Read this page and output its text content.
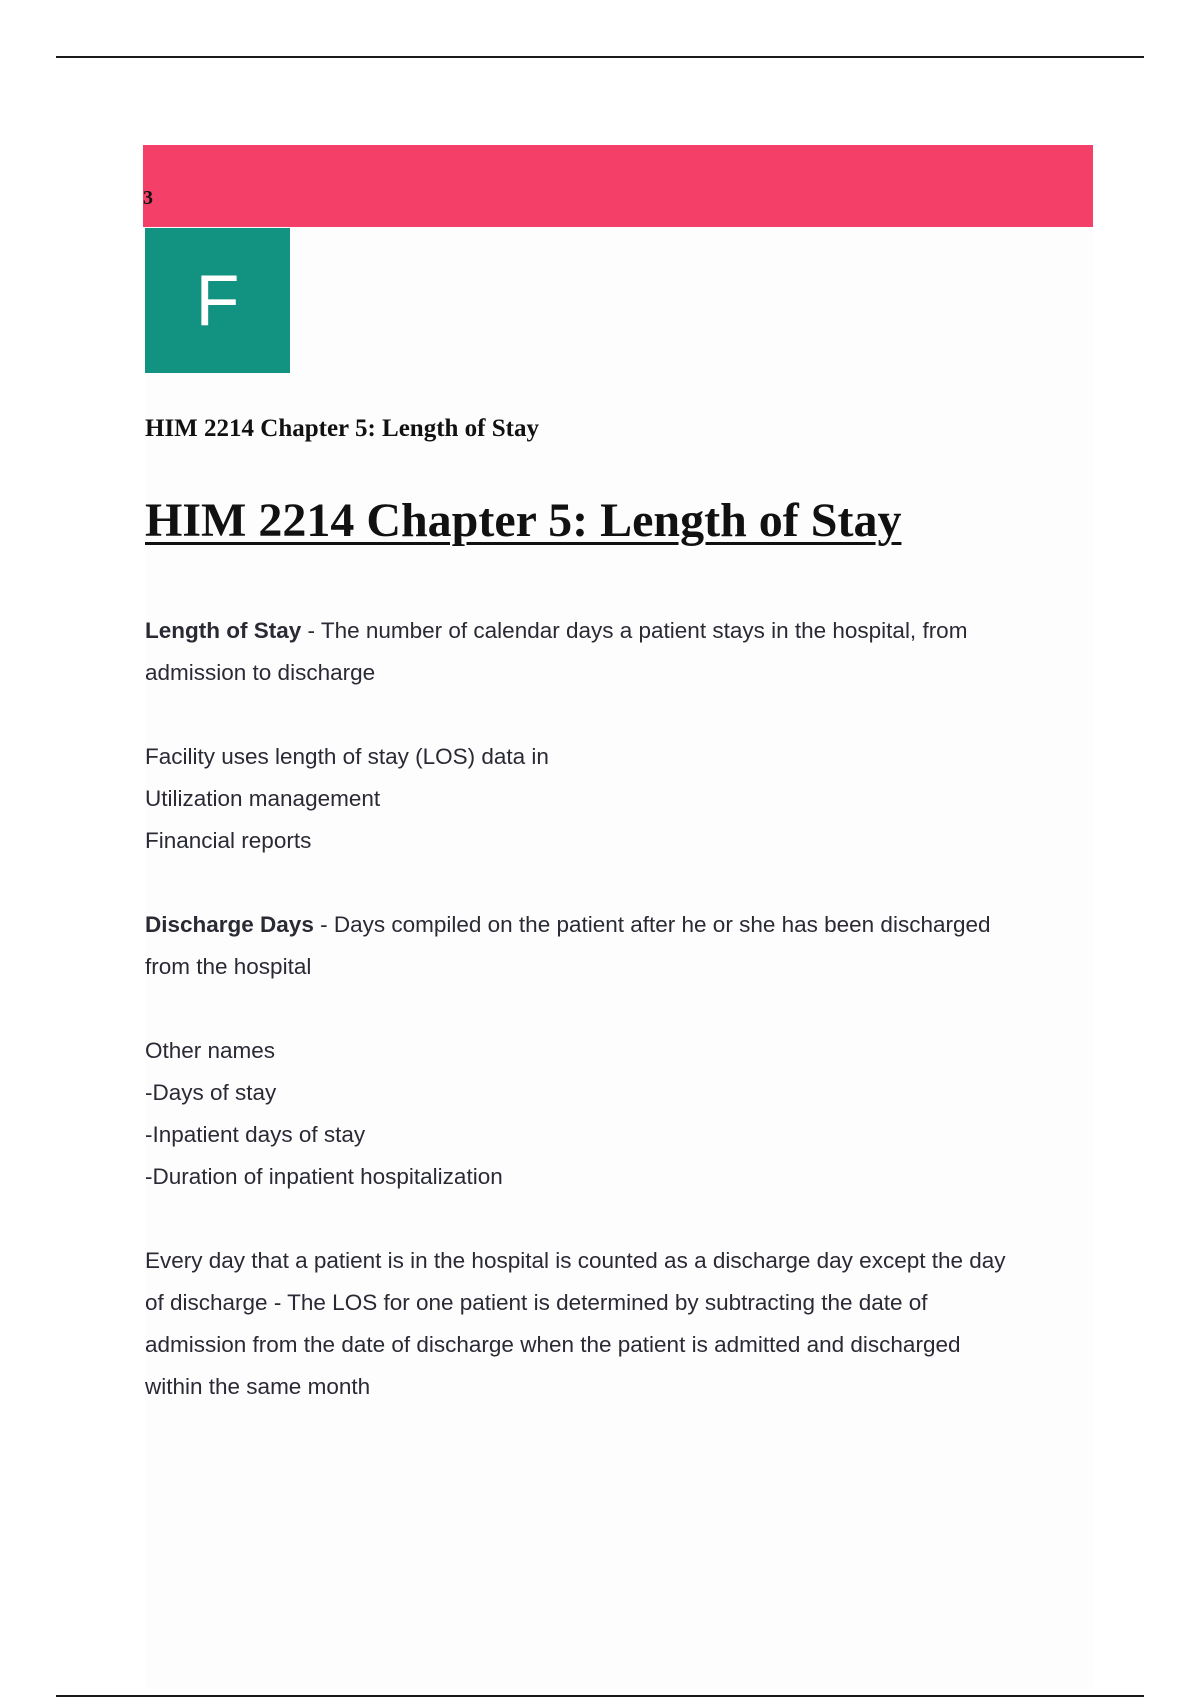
3
F
HIM 2214 Chapter 5: Length of Stay
HIM 2214 Chapter 5: Length of Stay

Length of Stay - The number of calendar days a patient stays in the hospital, from

admission to discharge

Facility uses length of stay (LOS) data in

Utilization management

Financial reports

Discharge Days - Days compiled on the patient after he or she has been discharged

from the hospital

Other names

-Days of stay

-Inpatient days of stay

-Duration of inpatient hospitalization

Every day that a patient is in the hospital is counted as a discharge day except the day

of discharge - The LOS for one patient is determined by subtracting the date of

admission from the date of discharge when the patient is admitted and discharged

within the same month
